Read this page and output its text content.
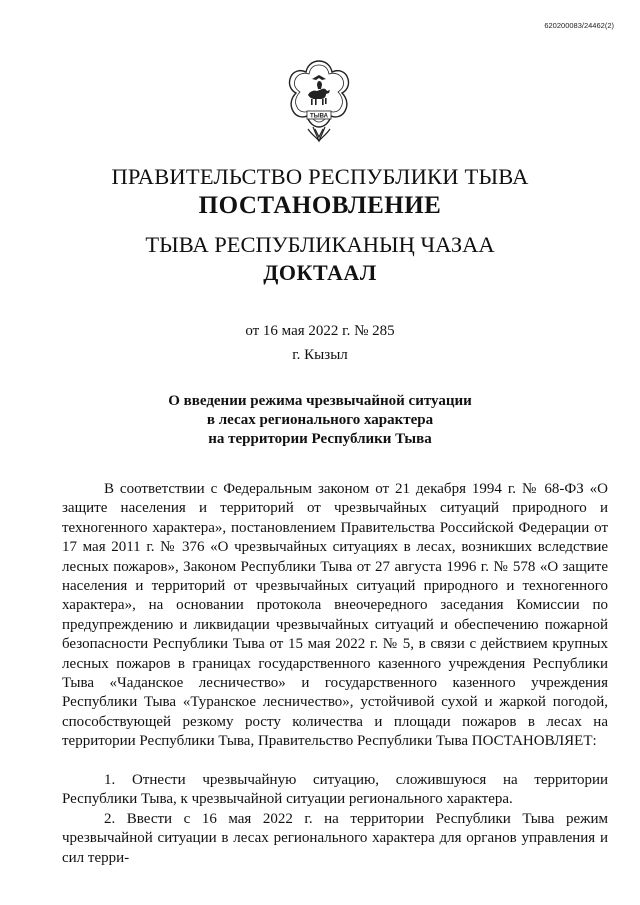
620200083/24462(2)
ТЫВА
ПРАВИТЕЛЬСТВО РЕСПУБЛИКИ ТЫВА
ПОСТАНОВЛЕНИЕ
ТЫВА РЕСПУБЛИКАНЫҢ ЧАЗАА
ДОКТААЛ
от 16 мая 2022 г. № 285
г. Кызыл
О введении режима чрезвычайной ситуации
в лесах регионального характера
на территории Республики Тыва

В соответствии с Федеральным законом от 21 декабря 1994 г. № 68-ФЗ «О защите населения и территорий от чрезвычайных ситуаций природного и техногенного характера», постановлением Правительства Российской Федерации от 17 мая 2011 г. № 376 «О чрезвычайных ситуациях в лесах, возникших вследствие лесных пожаров», Законом Республики Тыва от 27 августа 1996 г. № 578 «О защите населения и территорий от чрезвычайных ситуаций природного и техногенного характера», на основании протокола внеочередного заседания Комиссии по предупреждению и ликвидации чрезвычайных ситуаций и обеспечению пожарной безопасности Республики Тыва от 15 мая 2022 г. № 5, в связи с действием крупных лесных пожаров в границах государственного казенного учреждения Республики Тыва «Чаданское лесничество» и государственного казенного учреждения Республики Тыва «Туранское лесничество», устойчивой сухой и жаркой погодой, способствующей резкому росту количества и площади пожаров в лесах на территории Республики Тыва, Правительство Республики Тыва ПОСТАНОВЛЯЕТ:

1. Отнести чрезвычайную ситуацию, сложившуюся на территории Республики Тыва, к чрезвычайной ситуации регионального характера.

2. Ввести с 16 мая 2022 г. на территории Республики Тыва режим чрезвычайной ситуации в лесах регионального характера для органов управления и сил терри-
